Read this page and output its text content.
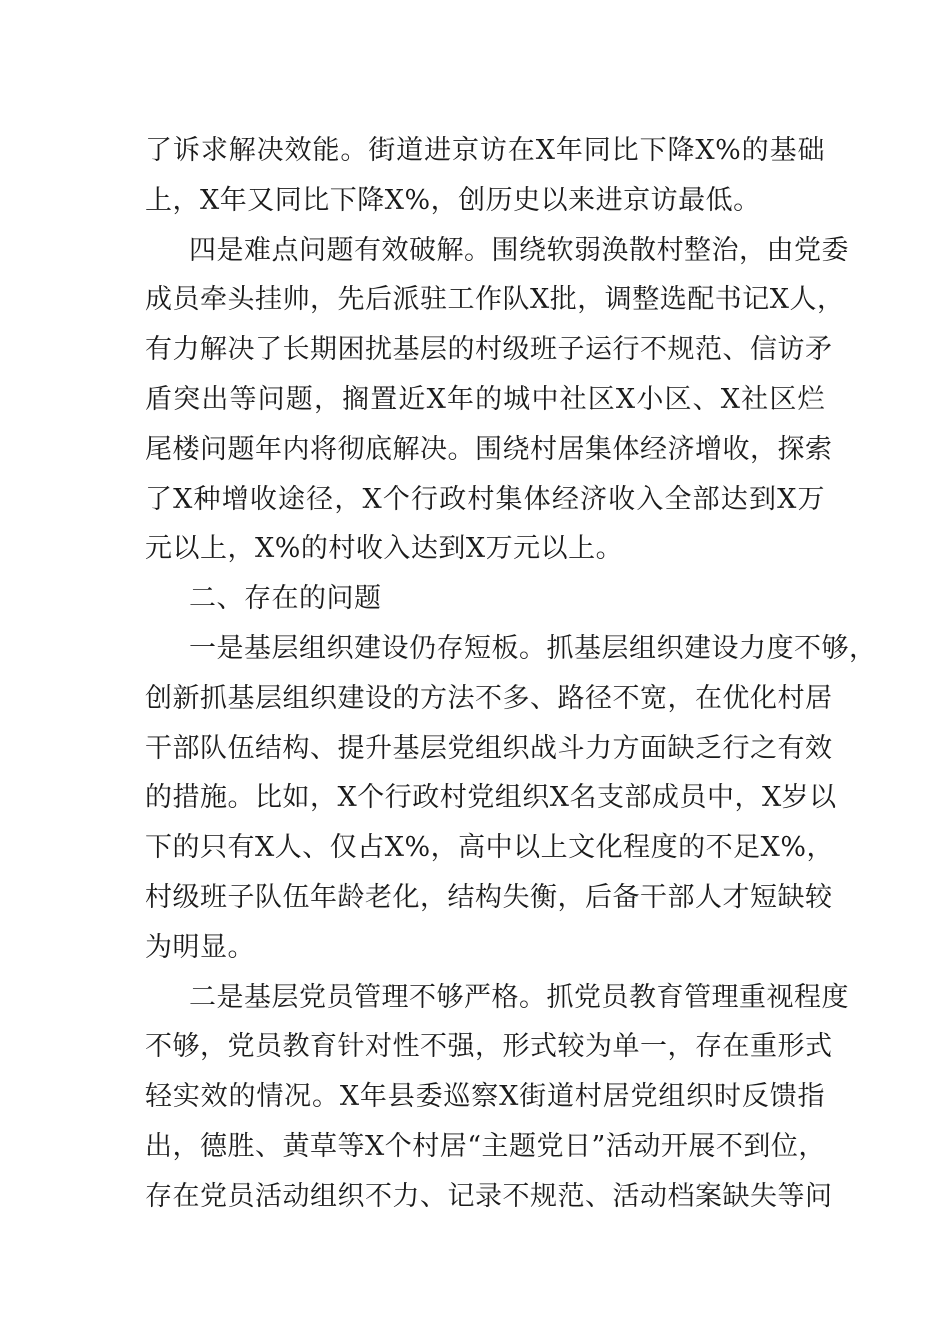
了诉求解决效能。街道进京访在X年同比下降X%的基础
上，X年又同比下降X%，创历史以来进京访最低。
四是难点问题有效破解。围绕软弱涣散村整治，由党委
成员牵头挂帅，先后派驻工作队X批，调整选配书记X人，
有力解决了长期困扰基层的村级班子运行不规范、信访矛
盾突出等问题，搁置近X年的城中社区X小区、X社区烂
尾楼问题年内将彻底解决。围绕村居集体经济增收，探索
了X种增收途径，X个行政村集体经济收入全部达到X万
元以上，X%的村收入达到X万元以上。
二、存在的问题
一是基层组织建设仍存短板。抓基层组织建设力度不够，
创新抓基层组织建设的方法不多、路径不宽，在优化村居
干部队伍结构、提升基层党组织战斗力方面缺乏行之有效
的措施。比如，X个行政村党组织X名支部成员中，X岁以
下的只有X人、仅占X%，高中以上文化程度的不足X%，
村级班子队伍年龄老化，结构失衡，后备干部人才短缺较
为明显。
二是基层党员管理不够严格。抓党员教育管理重视程度
不够，党员教育针对性不强，形式较为单一，存在重形式
轻实效的情况。X年县委巡察X街道村居党组织时反馈指
出，德胜、黄草等X个村居“主题党日”活动开展不到位，
存在党员活动组织不力、记录不规范、活动档案缺失等问
